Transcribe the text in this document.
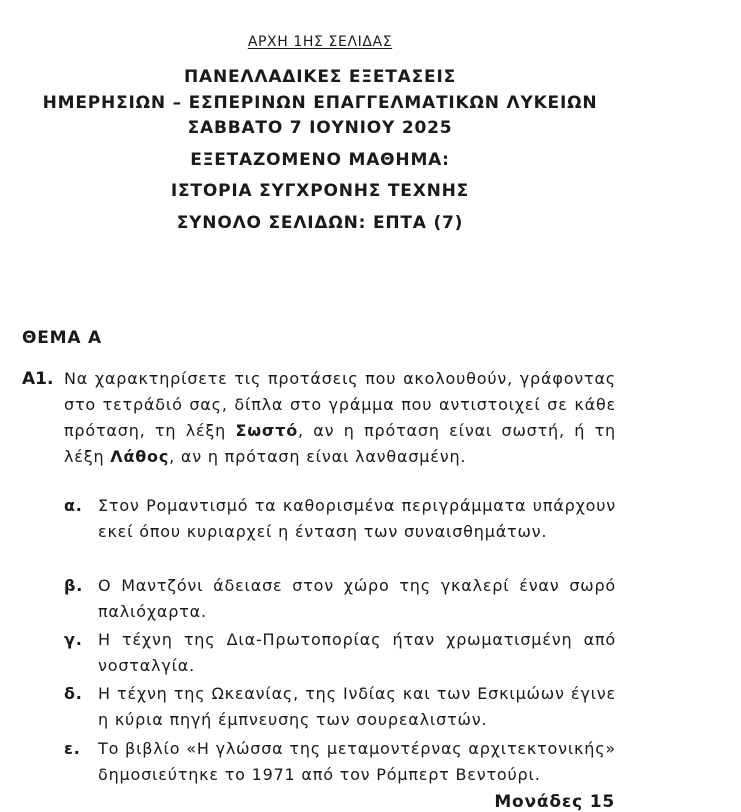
ΑΡΧΗ 1ΗΣ ΣΕΛΙΔΑΣ
ΠΑΝΕΛΛΑΔΙΚΕΣ ΕΞΕΤΑΣΕΙΣ
ΗΜΕΡΗΣΙΩΝ – ΕΣΠΕΡΙΝΩΝ ΕΠΑΓΓΕΛΜΑΤΙΚΩΝ ΛΥΚΕΙΩΝ
ΣΑΒΒΑΤΟ 7 ΙΟΥΝΙΟΥ 2025
ΕΞΕΤΑΖΟΜΕΝΟ ΜΑΘΗΜΑ:
ΙΣΤΟΡΙΑ ΣΥΓΧΡΟΝΗΣ ΤΕΧΝΗΣ
ΣΥΝΟΛΟ ΣΕΛΙΔΩΝ: ΕΠΤΑ (7)
ΘΕΜΑ Α
Α1. Να χαρακτηρίσετε τις προτάσεις που ακολουθούν, γράφοντας στο τετράδιό σας, δίπλα στο γράμμα που αντιστοιχεί σε κάθε πρόταση, τη λέξη Σωστό, αν η πρόταση είναι σωστή, ή τη λέξη Λάθος, αν η πρόταση είναι λανθασμένη.
α. Στον Ρομαντισμό τα καθορισμένα περιγράμματα υπάρχουν εκεί όπου κυριαρχεί η ένταση των συναισθημάτων.
β. Ο Μαντζόνι άδειασε στον χώρο της γκαλερί έναν σωρό παλιόχαρτα.
γ. Η τέχνη της Δια-Πρωτοπορίας ήταν χρωματισμένη από νοσταλγία.
δ. Η τέχνη της Ωκεανίας, της Ινδίας και των Εσκιμώων έγινε η κύρια πηγή έμπνευσης των σουρεαλιστών.
ε. Το βιβλίο «Η γλώσσα της μεταμοντέρνας αρχιτεκτονικής» δημοσιεύτηκε το 1971 από τον Ρόμπερτ Βεντούρι.
Μονάδες 15
